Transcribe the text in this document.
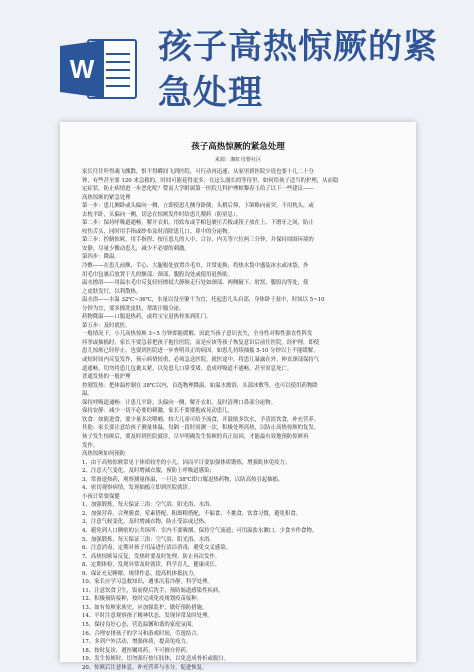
W
孩子高热惊厥的紧
急处理
孩子高热惊厥的紧急处理
来源：湘虹母婴社区

家长往往吓得魂飞魄散，恨不得瞬间飞到医院，可行动再迅速，从家里到医院少说也要十几二十分

钟，有些甚至要 120 来急救的，时间可能花得更多，在这么漫长的等待里，如何给孩子适当的护理，从而稳

定症状，防止病情进一步恶化呢？赞南大学附属第一医院儿科护理师黎春玉给了以下一些建议——

高热惊厥的紧急处理

第一步：患儿侧卧或头偏向一侧，立即使患儿侧身卧倒，头稍后仰，下颌略向前突，不用枕头，或

去枕平卧，头偏向一侧，切忌在惊厥发作时给患儿喂药（防窒息）。

第二步：保持呼吸道通畅，解开衣扣，用软布或手帕包裹压舌板或筷子放在上、下磨牙之间，防止

咬伤舌头，同时用手指或纱布及时清除患儿口、鼻中的分泌物。

第三步：控制惊厥，用手指捏、按压患儿的人中、合谷、内关等穴位两三分钟，并保持周围环境的

安静，尽量少搬动患儿，减少不必要的刺激。

第四步：降温。

冷敷——在患儿前额、手心、大腿根处放置冷毛巾，并常更换；将热水袋中盛装冰水或冰袋，外

用毛巾包裹后放置于儿的额部、颈部、腹股沟处或使用退热贴。

温水擦浴——用温水毛巾反复轻轻擦拭大静脉走行处如颈部、两侧腋下、肘窝、腹股沟等处，使

之皮肤发红，以利散热。

温水浴——水温 32℃~36℃，水量以没至躯干为宜，托起患儿头肩部，身体卧于盆中，时间以 5~10

分钟为宜，要多擦洗皮肤，帮助汗腺分泌。

药物降温——口服退热药，或将宝宝退热栓塞到肛门。

第五步：及时就医。

一般情况下，小儿高热惊厥 3~5 分钟即能缓解，因此当孩子意识丧失，全身性对称性强直性阵发

痉挛或抽搐时，家长不要急着把孩子抱往医院，而是应该等孩子恢复意识后前往医院。经护理，即使

患儿惊厥已经停止，也要到医院进一步查明真正的病因。如患儿持续抽搐 5-10 分钟以上不能缓解，

或短时间内反复发作，预示病情较重，必须急送医院。就医途中，将患儿暴露在外，伸直颈部保持气

道通畅，切勿将患儿包裹太紧，以免患儿口鼻受堵，造成呼吸道不通畅，甚至窒息死亡。

普通发热的一般护理

控制发热：把体温控制在 38℃以内，首选物理降温，如温水擦浴，头部冰敷等，也可以使用药物降

温。

保持呼吸道通畅：让患儿平卧，头偏向一侧，解开衣扣，及时清理口鼻部分泌物。

保持安静：减少一切不必要的刺激，家长不要搂抱或晃动患儿。

饮食：如能进食，要少量多次喂哺，较大儿童可给予流食，并鼓励多饮水，予清淡饮食，补充营养。

其他：家长要注意给孩子测量体温，每隔一段时间测一次，积极处理高热，以防止高热惊厥的复发。

孩子发生惊厥后，要及时到医院就诊，尽早明确发生惊厥的真正原因，才能最有效地预防惊厥再

发作。

高热惊厥如何预防

1、由于高热惊厥常见于体质较差的小儿，因而平日要加强体质锻炼，增强肌体免疫力；

2、注意天气变化，及时增减衣服，预防上呼吸道感染；

3、常备退热药，观察测量体温，一旦达 38℃即口服退热药物，以防高热引起抽搐。

4、密切观察病情，发现抽搐立即到医院就诊。

小孩日常要保健

1、加强锻炼，每天保证三浴：空气浴、阳光浴、水浴。

2、加强营养，合理膳食，荤素搭配，粗细粮搭配，不偏食、不挑食，饮食习惯，避免积食。

3、注意气候变化，及时增减衣物，防止受凉或过热。

4、避免到人口稠密的公共场所：室内不要吸烟，保持空气流通；可用温盐水漱口，少食辛作食物。

5、加强锻炼，每天保证三浴：空气浴、阳光浴、水浴。

6、注意消毒，定期对孩子用品进行清洁消毒，避免交叉感染。

7、高热惊厥易反复，发热时要及时处理，防止再次发作。

8、定期体检，发现异常及时就诊，科学育儿，健康成长。

9、保证充足睡眠，规律作息，提高机体抵抗力。

10、家长应学习急救知识，遇事沉着冷静，科学处理。

11、注意饮食卫生，饭前便后洗手，预防肠道感染性疾病。

12、积极预防接种，按时完成免疫规划疫苗接种。

13、如有惊厥家族史，应加强监护，做好预防措施。

14、平时注意观察孩子精神状态，发现异常及时处理。

15、保持良好心态，营造温馨和谐的家庭氛围。

16、合理安排孩子的学习和游戏时间，劳逸结合。

17、多到户外活动，增强体质，提高免疫力。

18、按时复诊，遵医嘱用药，不可擅自停药。

19、发生惊厥时，切勿强行按压肢体，以免造成骨折或脱臼。

20、惊厥后注意休息，补充营养与水分，促进恢复。
